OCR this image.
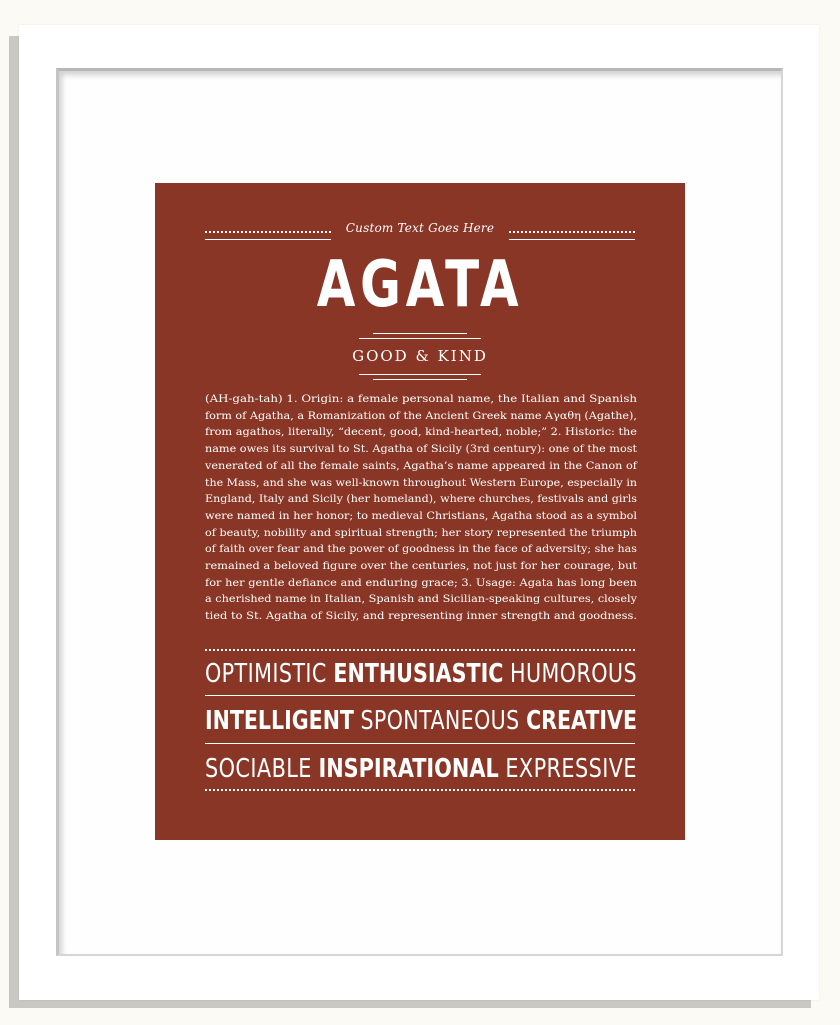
Custom Text Goes Here
AGATA
GOOD & KIND
(AH-gah-tah) 1. Origin: a female personal name, the Italian and Spanish
form of Agatha, a Romanization of the Ancient Greek name Αγαθη (Agathe),
from agathos, literally, “decent, good, kind-hearted, noble;” 2. Historic: the
name owes its survival to St. Agatha of Sicily (3rd century): one of the most
venerated of all the female saints, Agatha’s name appeared in the Canon of
the Mass, and she was well-known throughout Western Europe, especially in
England, Italy and Sicily (her homeland), where churches, festivals and girls
were named in her honor; to medieval Christians, Agatha stood as a symbol
of beauty, nobility and spiritual strength; her story represented the triumph
of faith over fear and the power of goodness in the face of adversity; she has
remained a beloved figure over the centuries, not just for her courage, but
for her gentle defiance and enduring grace; 3. Usage: Agata has long been
a cherished name in Italian, Spanish and Sicilian-speaking cultures, closely
tied to St. Agatha of Sicily, and representing inner strength and goodness.
OPTIMISTIC ENTHUSIASTIC HUMOROUS
INTELLIGENT SPONTANEOUS CREATIVE
SOCIABLE INSPIRATIONAL EXPRESSIVE
